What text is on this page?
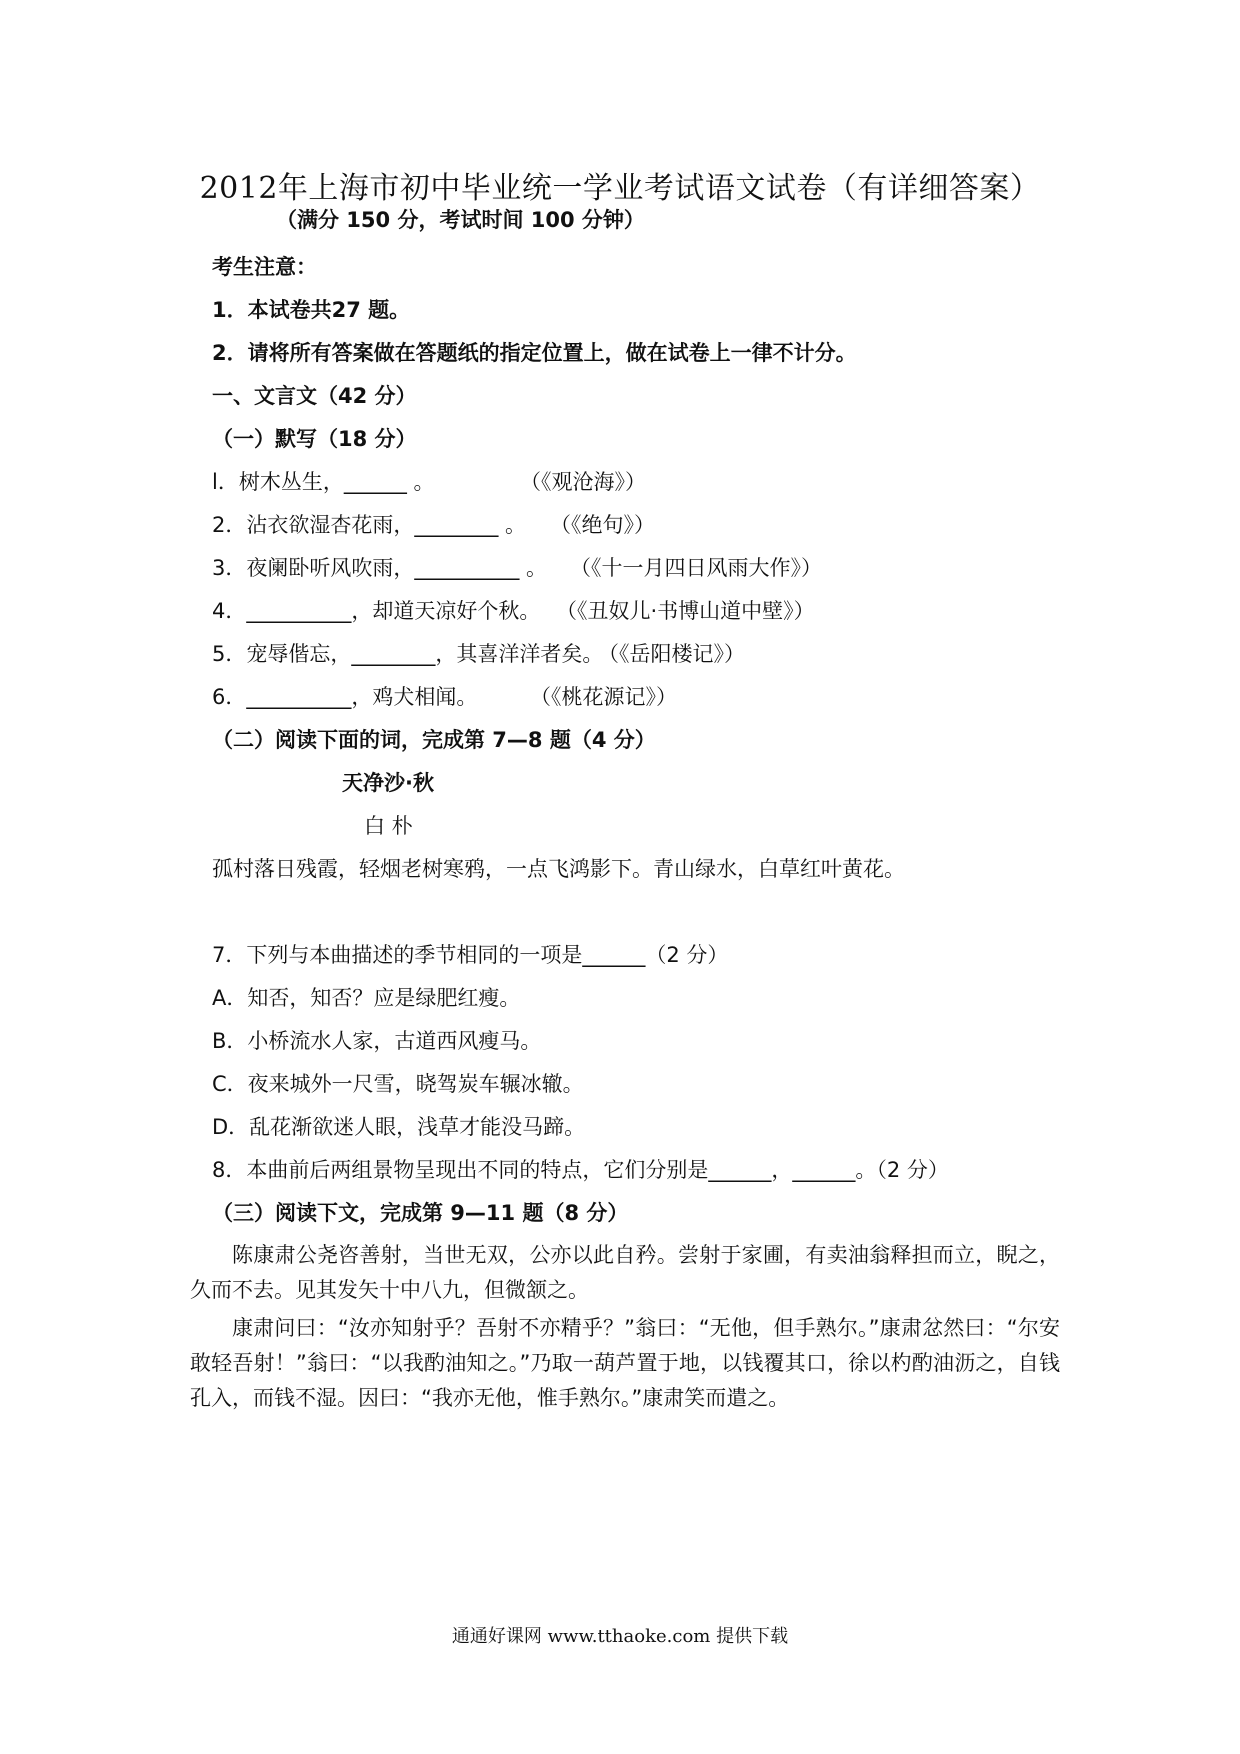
2012年上海市初中毕业统一学业考试语文试卷（有详细答案）
（满分 150 分，考试时间 100 分钟）
考生注意：
1．本试卷共27 题。
2．请将所有答案做在答题纸的指定位置上，做在试卷上一律不计分。
一、文言文（42 分）
（一）默写（18 分）
l．树木丛生，______ 。	（《观沧海》）
2．沾衣欲湿杏花雨，________ 。 （《绝句》）
3．夜阑卧听风吹雨，__________ 。 （《十一月四日风雨大作》）
4．__________，却道天凉好个秋。 （《丑奴儿·书博山道中壁》）
5．宠辱偕忘，________，其喜洋洋者矣。
（《岳阳楼记》）
6．__________，鸡犬相闻。	（《桃花源记》）
（二）阅读下面的词，完成第 7—8 题（4 分）
天净沙·秋
白 朴
孤村落日残霞，轻烟老树寒鸦，一点飞鸿影下。青山绿水，白草红叶黄花。
7．下列与本曲描述的季节相同的一项是______（2 分）
A．知否，知否？应是绿肥红瘦。
B．小桥流水人家，古道西风瘦马。
C．夜来城外一尺雪，晓驾炭车辗冰辙。
D．乱花渐欲迷人眼，浅草才能没马蹄。
8．本曲前后两组景物呈现出不同的特点，它们分别是______，______。（2 分）
（三）阅读下文，完成第 9—11 题（8 分）
陈康肃公尧咨善射，当世无双，公亦以此自矜。尝射于家圃，有卖油翁释担而立，睨之，久而不去。见其发矢十中八九，但微颔之。
康肃问曰：“汝亦知射乎？吾射不亦精乎？”翁曰：“无他，但手熟尔。”康肃忿然曰：“尔安敢轻吾射！”翁曰：“以我酌油知之。”乃取一葫芦置于地，以钱覆其口，徐以杓酌油沥之，自钱孔入，而钱不湿。因曰：“我亦无他，惟手熟尔。”康肃笑而遣之。
通通好课网 www.tthaoke.com 提供下载
